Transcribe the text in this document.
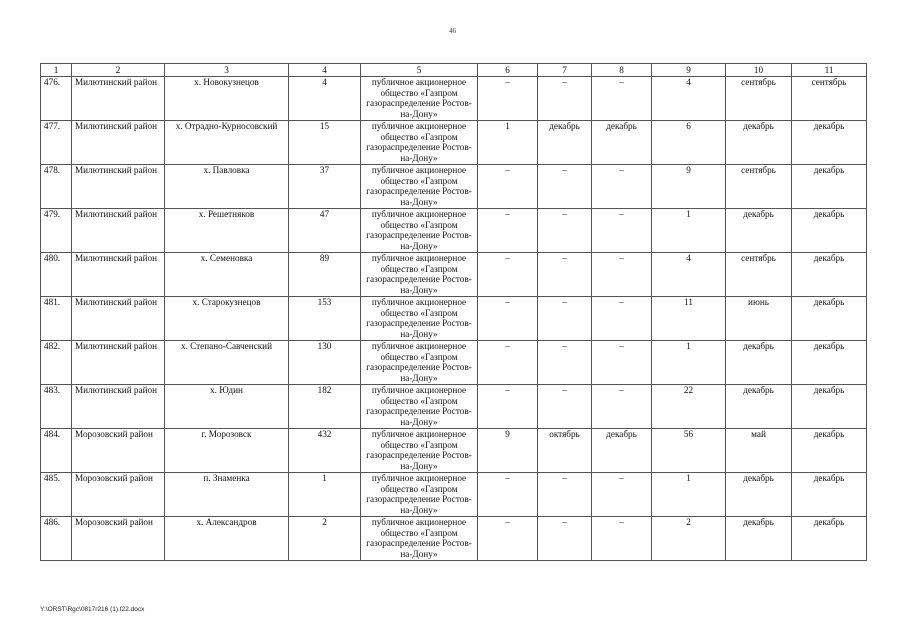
46
1	2	3	4	5	6	7	8	9	10	11
476.	Милютинский район	х. Новокузнецов	4	публичное акционерное общество «Газпром газораспределение Ростов-на-Дону»	–	–	–	4	сентябрь	сентябрь
477.	Милютинский район	х. Отрадно-Курносовский	15	публичное акционерное общество «Газпром газораспределение Ростов-на-Дону»	1	декабрь	декабрь	6	декабрь	декабрь
478.	Милютинский район	х. Павловка	37	публичное акционерное общество «Газпром газораспределение Ростов-на-Дону»	–	–	–	9	сентябрь	декабрь
479.	Милютинский район	х. Решетняков	47	публичное акционерное общество «Газпром газораспределение Ростов-на-Дону»	–	–	–	1	декабрь	декабрь
480.	Милютинский район	х. Семеновка	89	публичное акционерное общество «Газпром газораспределение Ростов-на-Дону»	–	–	–	4	сентябрь	декабрь
481.	Милютинский район	х. Старокузнецов	153	публичное акционерное общество «Газпром газораспределение Ростов-на-Дону»	–	–	–	11	июнь	декабрь
482.	Милютинский район	х. Степано-Савченский	130	публичное акционерное общество «Газпром газораспределение Ростов-на-Дону»	–	–	–	1	декабрь	декабрь
483.	Милютинский район	х. Юдин	182	публичное акционерное общество «Газпром газораспределение Ростов-на-Дону»	–	–	–	22	декабрь	декабрь
484.	Морозовский район	г. Морозовск	432	публичное акционерное общество «Газпром газораспределение Ростов-на-Дону»	9	октябрь	декабрь	56	май	декабрь
485.	Морозовский район	п. Знаменка	1	публичное акционерное общество «Газпром газораспределение Ростов-на-Дону»	–	–	–	1	декабрь	декабрь
486.	Морозовский район	х. Александров	2	публичное акционерное общество «Газпром газораспределение Ростов-на-Дону»	–	–	–	2	декабрь	декабрь
Y:\ORST\Rgc\0817r216 (1).f22.docx
